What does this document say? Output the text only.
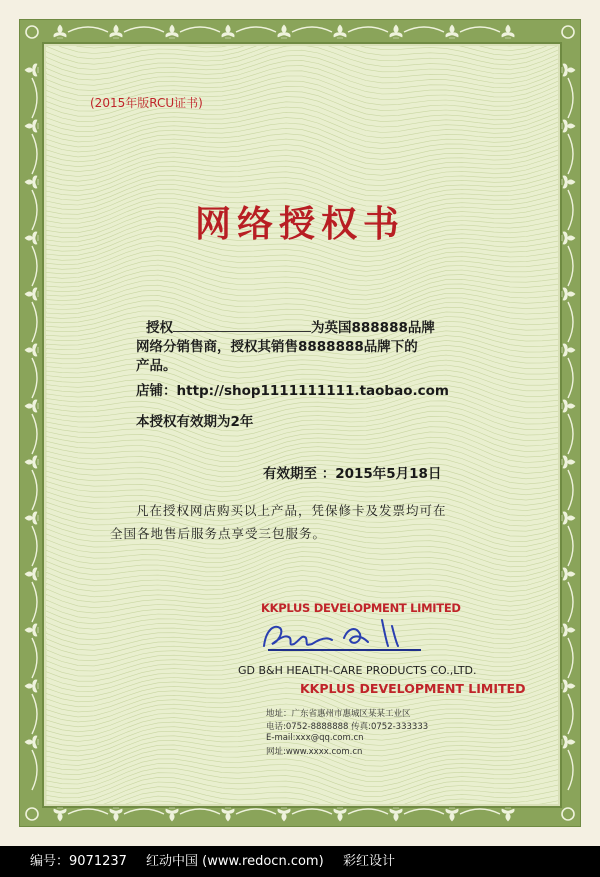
(2015年版RCU证书)
网络授权书
授权	为英国888888品牌
网络分销售商，授权其销售8888888品牌下的
产品。
店铺：http://shop1111111111.taobao.com
本授权有效期为2年
有效期至 ：2015年5月18日
凡在授权网店购买以上产品，凭保修卡及发票均可在
全国各地售后服务点享受三包服务。
KKPLUS DEVELOPMENT LIMITED
GD B&H HEALTH-CARE PRODUCTS CO.,LTD.
KKPLUS DEVELOPMENT LIMITED
地址：广东省惠州市惠城区某某工业区
电话:0752-8888888 传真:0752-333333
E-mail:xxx@qq.com.cn
网址:www.xxxx.com.cn
编号：9071237 红动中国 (www.redocn.com) 彩红设计
